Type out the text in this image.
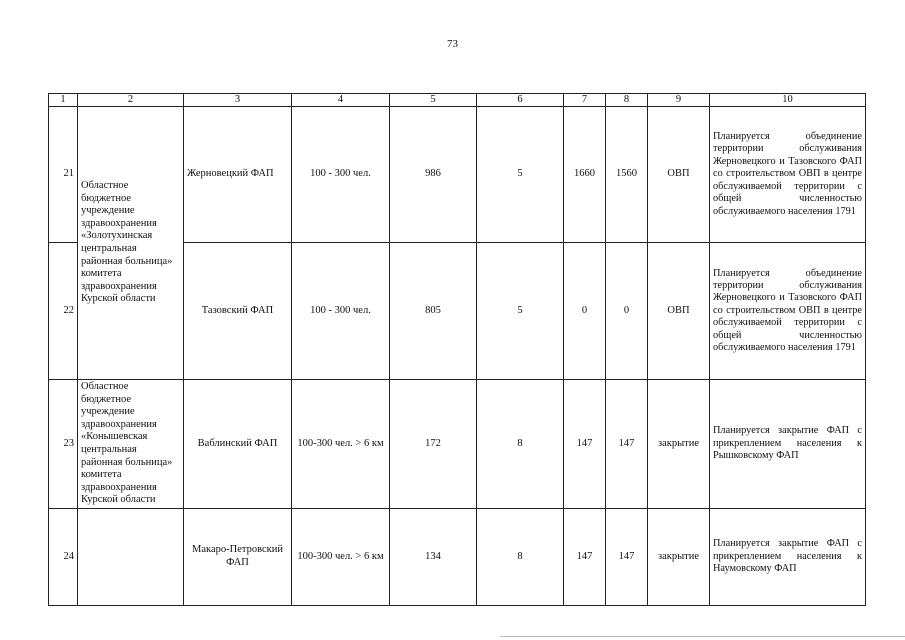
73
1	2	3	4	5	6	7	8	9	10
21	Областное бюджетное учреждение здравоохранения «Золотухинская центральная районная больница» комитета здравоохранения Курской области	Жерновецкий ФАП	100 - 300 чел.	986	5	1660	1560	ОВП	Планируется объединение территории обслуживания Жерновецкого и Тазовского ФАП со строительством ОВП в центре обслуживаемой территории с общей численностью обслуживаемого населения 1791
22		Тазовский ФАП	100 - 300 чел.	805	5	0	0	ОВП	Планируется объединение территории обслуживания Жерновецкого и Тазовского ФАП со строительством ОВП в центре обслуживаемой территории с общей численностью обслуживаемого населения 1791
23	Областное бюджетное учреждение здравоохранения «Конышевская центральная районная больница» комитета здравоохранения Курской области	Ваблинский ФАП	100-300 чел. > 6 км	172	8	147	147	закрытие	Планируется закрытие ФАП с прикреплением населения к Рышковскому ФАП
24		Макаро-Петровский ФАП	100-300 чел. > 6 км	134	8	147	147	закрытие	Планируется закрытие ФАП с прикреплением населения к Наумовскому ФАП
